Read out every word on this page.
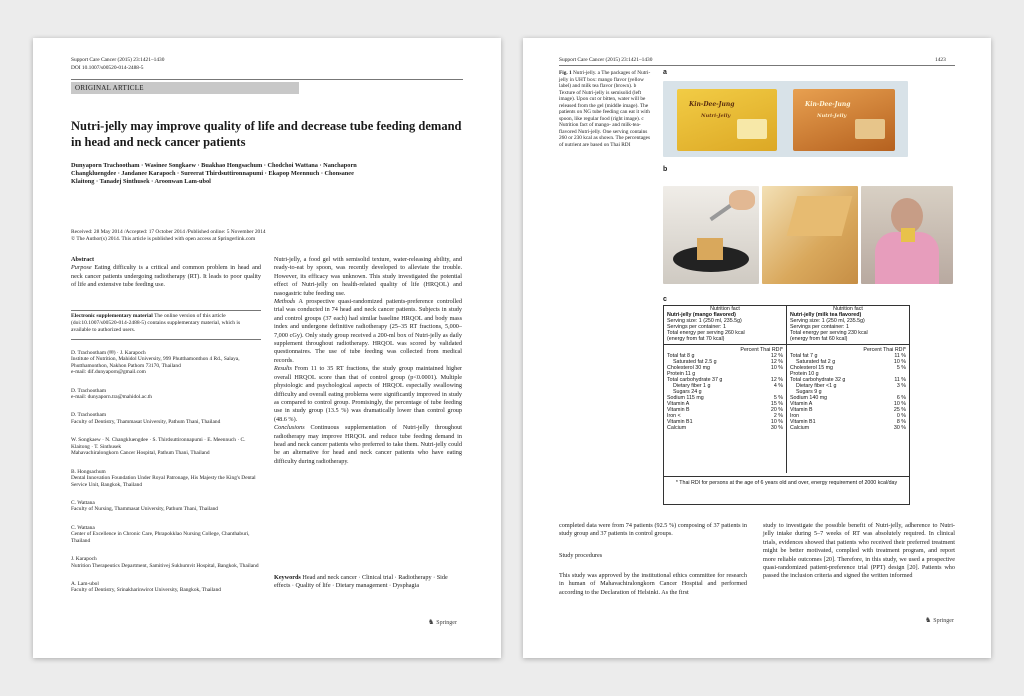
Support Care Cancer (2015) 23:1421–1430
DOI 10.1007/s00520-014-2488-5
ORIGINAL ARTICLE
Nutri-jelly may improve quality of life and decrease tube feeding demand in head and neck cancer patients
Dunyaporn Trachootham · Wasinee Songkaew · Buakhao Hongsachum · Chodchoi Wattana · Nanchaporn Changkluengdee · Jandanee Karapoch · Sureerat Thirdsuttironnapumi · Ekapop Meennuch · Chonsanee Klaitong · Tanadej Sinthusek · Aroonwan Lam-ubol
Received: 28 May 2014 /Accepted: 17 October 2014 /Published online: 5 November 2014
© The Author(s) 2014. This article is published with open access at Springerlink.com
Abstract
Purpose Eating difficulty is a critical and common problem in head and neck cancer patients undergoing radiotherapy (RT). It leads to poor quality of life and extensive tube feeding use.
Electronic supplementary material The online version of this article (doi:10.1007/s00520-014-2488-5) contains supplementary material, which is available to authorized users.

D. Trachootham (✉) · J. Karapoch
Institute of Nutrition, Mahidol University, 999 Phutthamonthon 4 Rd., Salaya, Phutthamonthon, Nakhon Pathom 73170, Thailand
e-mail: dif.dunyaporn@gmail.com

D. Trachootham
e-mail: dunyaporn.tra@mahidol.ac.th

D. Trachootham
Faculty of Dentistry, Thammasat University, Pathum Thani, Thailand

W. Songkaew · N. Changkluengdee · S. Thirdsuttironnapumi · E. Meennuch · C. Klaitong · T. Sinthusek
Mahavachiralongkorn Cancer Hospital, Pathum Thani, Thailand

B. Hongsachum
Dental Innovation Foundation Under Royal Patronage, His Majesty the King's Dental Service Unit, Bangkok, Thailand

C. Wattana
Faculty of Nursing, Thammasat University, Pathum Thani, Thailand

C. Wattana
Center of Excellence in Chronic Care, Phrapokklao Nursing College, Chanthaburi, Thailand

J. Karapoch
Nutrition Therapeutics Department, Samitivej Sukhumvit Hospital, Bangkok, Thailand

A. Lam-ubol
Faculty of Dentistry, Srinakharinwirot University, Bangkok, Thailand

Nutri-jelly, a food gel with semisolid texture, water-releasing ability, and ready-to-eat by spoon, was recently developed to alleviate the trouble. However, its efficacy was unknown. This study investigated the potential effect of Nutri-jelly on health-related quality of life (HRQOL) and nasogastric tube feeding use.
Methods A prospective quasi-randomized patients-preference controlled trial was conducted in 74 head and neck cancer patients. Subjects in study and control groups (37 each) had similar baseline HRQOL and body mass index and undergone definitive radiotherapy (25–35 RT fractions, 5,000–7,000 cGy). Only study group received a 200-ml box of Nutri-jelly as daily supplement throughout radiotherapy. HRQOL was scored by validated questionnaires. The use of tube feeding was collected from medical records.
Results From 11 to 35 RT fractions, the study group maintained higher overall HRQOL score than that of control group (p<0.0001). Multiple physiologic and psychological aspects of HRQOL especially swallowing difficulty and overall eating problems were significantly improved in study as compared to control group. Promisingly, the percentage of tube feeding use in study group (13.5 %) was dramatically lower than control group (48.6 %).
Conclusions Continuous supplementation of Nutri-jelly throughout radiotherapy may improve HRQOL and reduce tube feeding demand in head and neck cancer patients who preferred to take them. Nutri-jelly could be an alternative for head and neck cancer patients who have eating difficulty during radiotherapy.
Keywords Head and neck cancer · Clinical trial · Radiotherapy · Side effects · Quality of life · Dietary management · Dysphagia
♞ Springer
Support Care Cancer (2015) 23:1421–1430	1423
Fig. 1 Nutri-jelly. a The packages of Nutri-jelly in UHT box: mango flavor (yellow label) and milk tea flavor (brown). b Texture of Nutri-jelly is semisolid (left image). Upon cut or bitten, water will be released from the gel (middle image). The patients on NG tube feeding can eat it with spoon, like regular food (right image). c Nutrition fact of mango- and milk-tea-flavored Nutri-jelly. One serving contains 260 or 230 kcal as shown. The percentages of nutrient are based on Thai RDI
a
Kin-Dee-Jung
Nutri-Jelly
Kin-Dee-Jung
Nutri-Jelly
b
c
Nutrition fact
Nutri-jelly (mango flavored)
Serving size: 1 (250 ml, 235.5g)
Servings per container: 1
Total energy per serving 260 kcal
(energy from fat 70 kcal)
Percent Thai RDI*
Total fat 8 g	12 %
Saturated fat 2.5 g	12 %
Cholesterol 30 mg	10 %
Protein 11 g
Total carbohydrate 37 g	12 %
Dietary fiber 1 g	4 %
Sugars 24 g
Sodium 115 mg	5 %
Vitamin A	15 %
Vitamin B	20 %
Iron <	2 %
Vitamin B1	10 %
Calcium	30 %
Nutrition fact
Nutri-jelly (milk tea flavored)
Serving size: 1 (250 ml, 235.5g)
Servings per container: 1
Total energy per serving 230 kcal
(energy from fat 60 kcal)
Percent Thai RDI*
Total fat 7 g	11 %
Saturated fat 2 g	10 %
Cholesterol 15 mg	5 %
Protein 10 g
Total carbohydrate 32 g	11 %
Dietary fiber <1 g	3 %
Sugars 9 g
Sodium 140 mg	6 %
Vitamin A	10 %
Vitamin B	25 %
Iron	0 %
Vitamin B1	8 %
Calcium	30 %
* Thai RDI for persons at the age of 6 years old and over, energy requirement of 2000 kcal/day
completed data were from 74 patients (92.5 %) composing of 37 patients in study group and 37 patients in control groups.
Study procedures
This study was approved by the institutional ethics committee for research in human of Mahavachiralongkorn Cancer Hospital and performed according to the Declaration of Helsinki. As the first
study to investigate the possible benefit of Nutri-jelly, adherence to Nutri-jelly intake during 5–7 weeks of RT was absolutely required. In clinical trials, evidences showed that patients who received their preferred treatment might be better motivated, complied with treatment program, and report more reliable outcomes [20]. Therefore, in this study, we used a prospective quasi-randomized patient-preference trial (PPT) design [20]. Patients who passed the inclusion criteria and signed the written informed
♞ Springer
